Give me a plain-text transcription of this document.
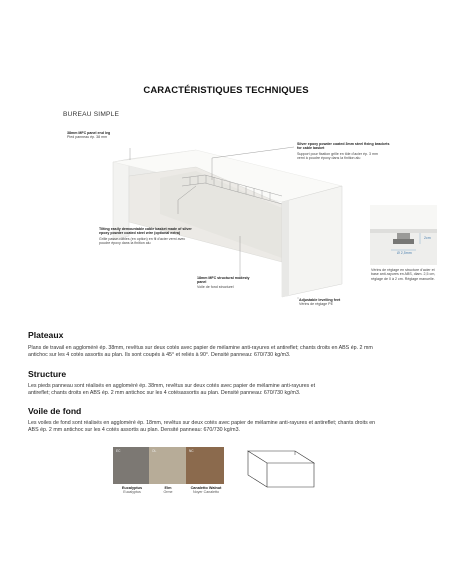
CARACTÉRISTIQUES TECHNIQUES
BUREAU SIMPLE
38mm MFC panel end leg
Pied panneau ép. 38 mm
Silver epoxy powder coated 3mm steel fixing brackets
for cable basket
Support pour fixation grille en tôle d'acier ép. 3 mm
verni à poudre époxy dans la finition alu
Tilting easily demountable cable basket made of silver
epoxy powder coated steel wire (optional extra)
Grille passe-câbles (en option) en fil d'acier verni avec
poudre époxy dans la finition alu
18mm MFC structural modesty
panel
Voile de fond structurel
Adjustable levelling feet
Vérins de réglage PE
Vérins de réglage en structure d'acier et
base anti-rayures en ABS, diam. 2,5 cm,
réglage de 0 à 2 cm. Réglage manuelle.
Ø 2,5mm
2cm
Plateaux
Plans de travail en aggloméré ép. 38mm, revêtus sur deux cotés avec papier de mélamine anti-rayures et antireflet; chants droits en ABS ép. 2 mm
antichoc sur les 4 cotés assortis au plan. Ils sont coupés à 45° et reliés à 90°. Densité panneau: 670/730 kg/m3.
Structure
Les pieds panneau sont réalisés en aggloméré ép. 38mm, revêtus sur deux cotés avec papier de mélamine anti-rayures et
antireflet; chants droits en ABS ép. 2 mm antichoc sur les 4 cotésassortis au plan. Densité panneau: 670/730 kg/m3.
Voile de fond
Les voiles de fond sont réalisés en aggloméré ép. 18mm, revêtus sur deux cotés avec papier de mélamine anti-rayures et antireflet; chants droits en
ABS ép. 2 mm antichoc sur les 4 cotés assortis au plan. Densité panneau: 670/730 kg/m3.
EC	OL	NC
Eucalyptus
Eucalyptus
Elm
Orme
Canaletto Walnut
Noyer Canaletto
